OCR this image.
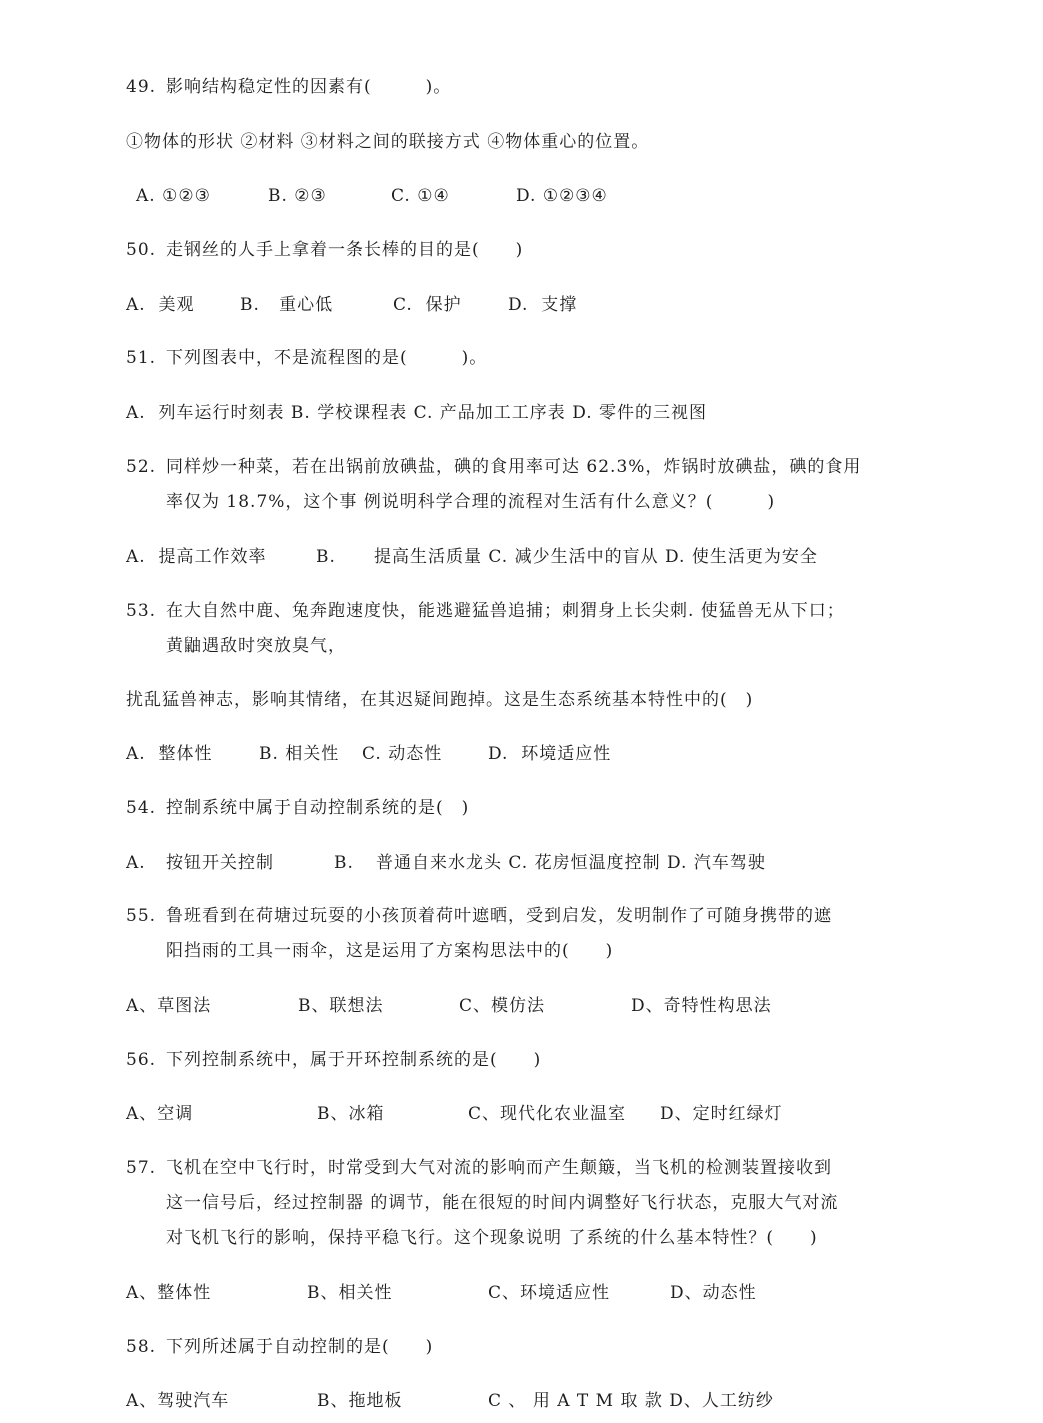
49. 影响结构稳定性的因素有(　　　)。
①物体的形状 ②材料 ③材料之间的联接方式 ④物体重心的位置。
A. ①②③	B. ②③	C. ①④	D. ①②③④
50. 走钢丝的人手上拿着一条长棒的目的是(　　)
A.  美观	B.   重心低	C.  保护	D.  支撑
51. 下列图表中，不是流程图的是(　　　)。
A.  列车运行时刻表 B. 学校课程表 C. 产品加工工序表 D. 零件的三视图
52. 同样炒一种菜，若在出锅前放碘盐，碘的食用率可达 62.3%，炸锅时放碘盐，碘的食用
率仅为 18.7%，这个事 例说明科学合理的流程对生活有什么意义？(　　　)
A.  提高工作效率	B. 提高生活质量 C. 减少生活中的盲从 D. 使生活更为安全
53. 在大自然中鹿、兔奔跑速度快，能逃避猛兽追捕；刺猬身上长尖刺. 使猛兽无从下口；
黄鼬遇敌时突放臭气，
扰乱猛兽神志，影响其情绪，在其迟疑间跑掉。这是生态系统基本特性中的(　)
A.  整体性	B. 相关性 C. 动态性	D.  环境适应性
54. 控制系统中属于自动控制系统的是(　)
A. 按钮开关控制	B. 普通自来水龙头 C. 花房恒温度控制 D. 汽车驾驶
55. 鲁班看到在荷塘过玩耍的小孩顶着荷叶遮晒，受到启发，发明制作了可随身携带的遮
阳挡雨的工具一雨伞，这是运用了方案构思法中的(　　)
A、草图法	B、联想法	C、模仿法	D、奇特性构思法
56. 下列控制系统中，属于开环控制系统的是(　　)
A、空调	B、冰箱	C、现代化农业温室 D、定时红绿灯
57. 飞机在空中飞行时，时常受到大气对流的影响而产生颠簸，当飞机的检测装置接收到
这一信号后，经过控制器 的调节，能在很短的时间内调整好飞行状态，克服大气对流
对飞机飞行的影响，保持平稳飞行。这个现象说明 了系统的什么基本特性？(　　)
A、整体性	B、相关性	C、环境适应性	D、动态性
58. 下列所述属于自动控制的是(　　)
A、驾驶汽车	B、拖地板	C 、 用 A T M 取 款 D、人工纺纱
